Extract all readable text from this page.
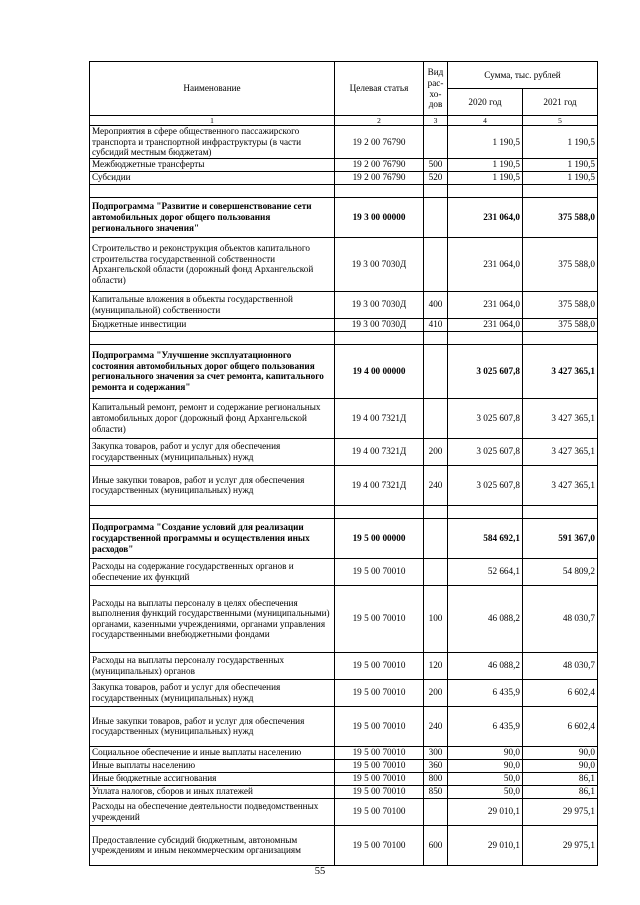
Наименование	Целевая статья	Вид рас-хо-дов	Сумма, тыс. рублей	
			2020 год	2021 год
1	2	3	4	5
Мероприятия в сфере общественного пассажирского транспорта и транспортной инфраструктуры (в части субсидий местным бюджетам)	19 2 00 76790		1 190,5	1 190,5
Межбюджетные трансферты	19 2 00 76790	500	1 190,5	1 190,5
Субсидии	19 2 00 76790	520	1 190,5	1 190,5

Подпрограмма "Развитие и совершенствование сети автомобильных дорог общего пользования регионального значения"	19 3 00 00000		231 064,0	375 588,0
Строительство и реконструкция объектов капитального строительства государственной собственности Архангельской области (дорожный фонд Архангельской области)	19 3 00 7030Д		231 064,0	375 588,0
Капитальные вложения в объекты государственной (муниципальной) собственности	19 3 00 7030Д	400	231 064,0	375 588,0
Бюджетные инвестиции	19 3 00 7030Д	410	231 064,0	375 588,0

Подпрограмма "Улучшение эксплуатационного состояния автомобильных дорог общего пользования регионального значения за счет ремонта, капитального ремонта и содержания"	19 4 00 00000		3 025 607,8	3 427 365,1
Капитальный ремонт, ремонт и содержание региональных автомобильных дорог (дорожный фонд Архангельской области)	19 4 00 7321Д		3 025 607,8	3 427 365,1
Закупка товаров, работ и услуг для обеспечения государственных (муниципальных) нужд	19 4 00 7321Д	200	3 025 607,8	3 427 365,1
Иные закупки товаров, работ и услуг для обеспечения государственных (муниципальных) нужд	19 4 00 7321Д	240	3 025 607,8	3 427 365,1

Подпрограмма "Создание условий для реализации государственной программы и осуществления иных расходов"	19 5 00 00000		584 692,1	591 367,0
Расходы на содержание государственных органов и обеспечение их функций	19 5 00 70010		52 664,1	54 809,2
Расходы на выплаты персоналу в целях обеспечения выполнения функций государственными (муниципальными) органами, казенными учреждениями, органами управления государственными внебюджетными фондами	19 5 00 70010	100	46 088,2	48 030,7
Расходы на выплаты персоналу государственных (муниципальных) органов	19 5 00 70010	120	46 088,2	48 030,7
Закупка товаров, работ и услуг для обеспечения государственных (муниципальных) нужд	19 5 00 70010	200	6 435,9	6 602,4
Иные закупки товаров, работ и услуг для обеспечения государственных (муниципальных) нужд	19 5 00 70010	240	6 435,9	6 602,4
Социальное обеспечение и иные выплаты населению	19 5 00 70010	300	90,0	90,0
Иные выплаты населению	19 5 00 70010	360	90,0	90,0
Иные бюджетные ассигнования	19 5 00 70010	800	50,0	86,1
Уплата налогов, сборов и иных платежей	19 5 00 70010	850	50,0	86,1
Расходы на обеспечение деятельности подведомственных учреждений	19 5 00 70100		29 010,1	29 975,1
Предоставление субсидий бюджетным, автономным учреждениям и иным некоммерческим организациям	19 5 00 70100	600	29 010,1	29 975,1
55
